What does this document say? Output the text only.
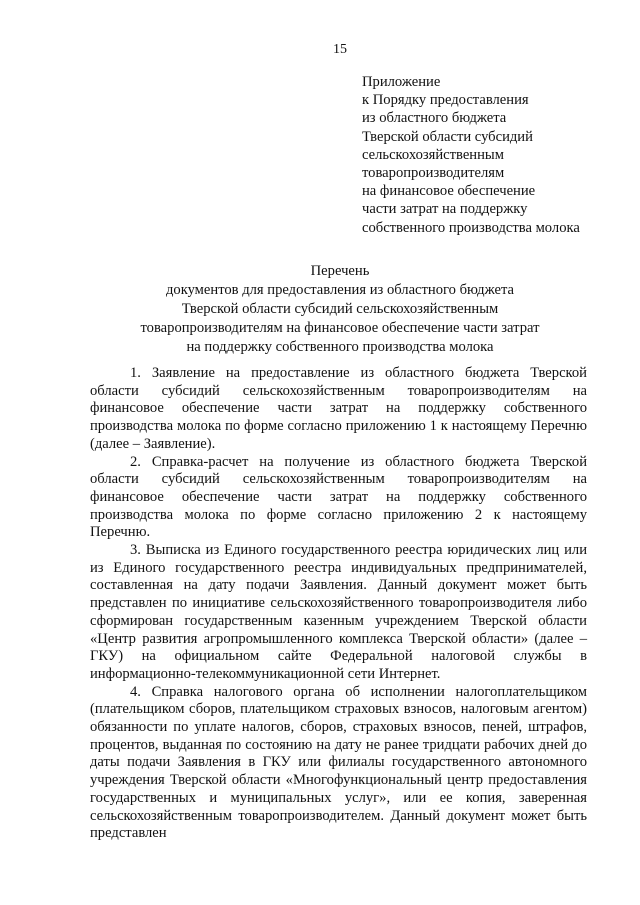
15
Приложение
к Порядку предоставления
из областного бюджета
Тверской области субсидий
сельскохозяйственным
товаропроизводителям
на финансовое обеспечение
части затрат на поддержку
собственного производства молока
Перечень
документов для предоставления из областного бюджета
Тверской области субсидий сельскохозяйственным
товаропроизводителям на финансовое обеспечение части затрат
на поддержку собственного производства молока

1. Заявление на предоставление из областного бюджета Тверской области субсидий сельскохозяйственным товаропроизводителям на финансовое обеспечение части затрат на поддержку собственного производства молока по форме согласно приложению 1 к настоящему Перечню (далее – Заявление).

2. Справка-расчет на получение из областного бюджета Тверской области субсидий сельскохозяйственным товаропроизводителям на финансовое обеспечение части затрат на поддержку собственного производства молока по форме согласно приложению 2 к настоящему Перечню.

3. Выписка из Единого государственного реестра юридических лиц или из Единого государственного реестра индивидуальных предпринимателей, составленная на дату подачи Заявления. Данный документ может быть представлен по инициативе сельскохозяйственного товаропроизводителя либо сформирован государственным казенным учреждением Тверской области «Центр развития агропромышленного комплекса Тверской области» (далее – ГКУ) на официальном сайте Федеральной налоговой службы в информационно-телекоммуникационной сети Интернет.

4. Справка налогового органа об исполнении налогоплательщиком (плательщиком сборов, плательщиком страховых взносов, налоговым агентом) обязанности по уплате налогов, сборов, страховых взносов, пеней, штрафов, процентов, выданная по состоянию на дату не ранее тридцати рабочих дней до даты подачи Заявления в ГКУ или филиалы государственного автономного учреждения Тверской области «Многофункциональный центр предоставления государственных и муниципальных услуг», или ее копия, заверенная сельскохозяйственным товаропроизводителем. Данный документ может быть представлен
